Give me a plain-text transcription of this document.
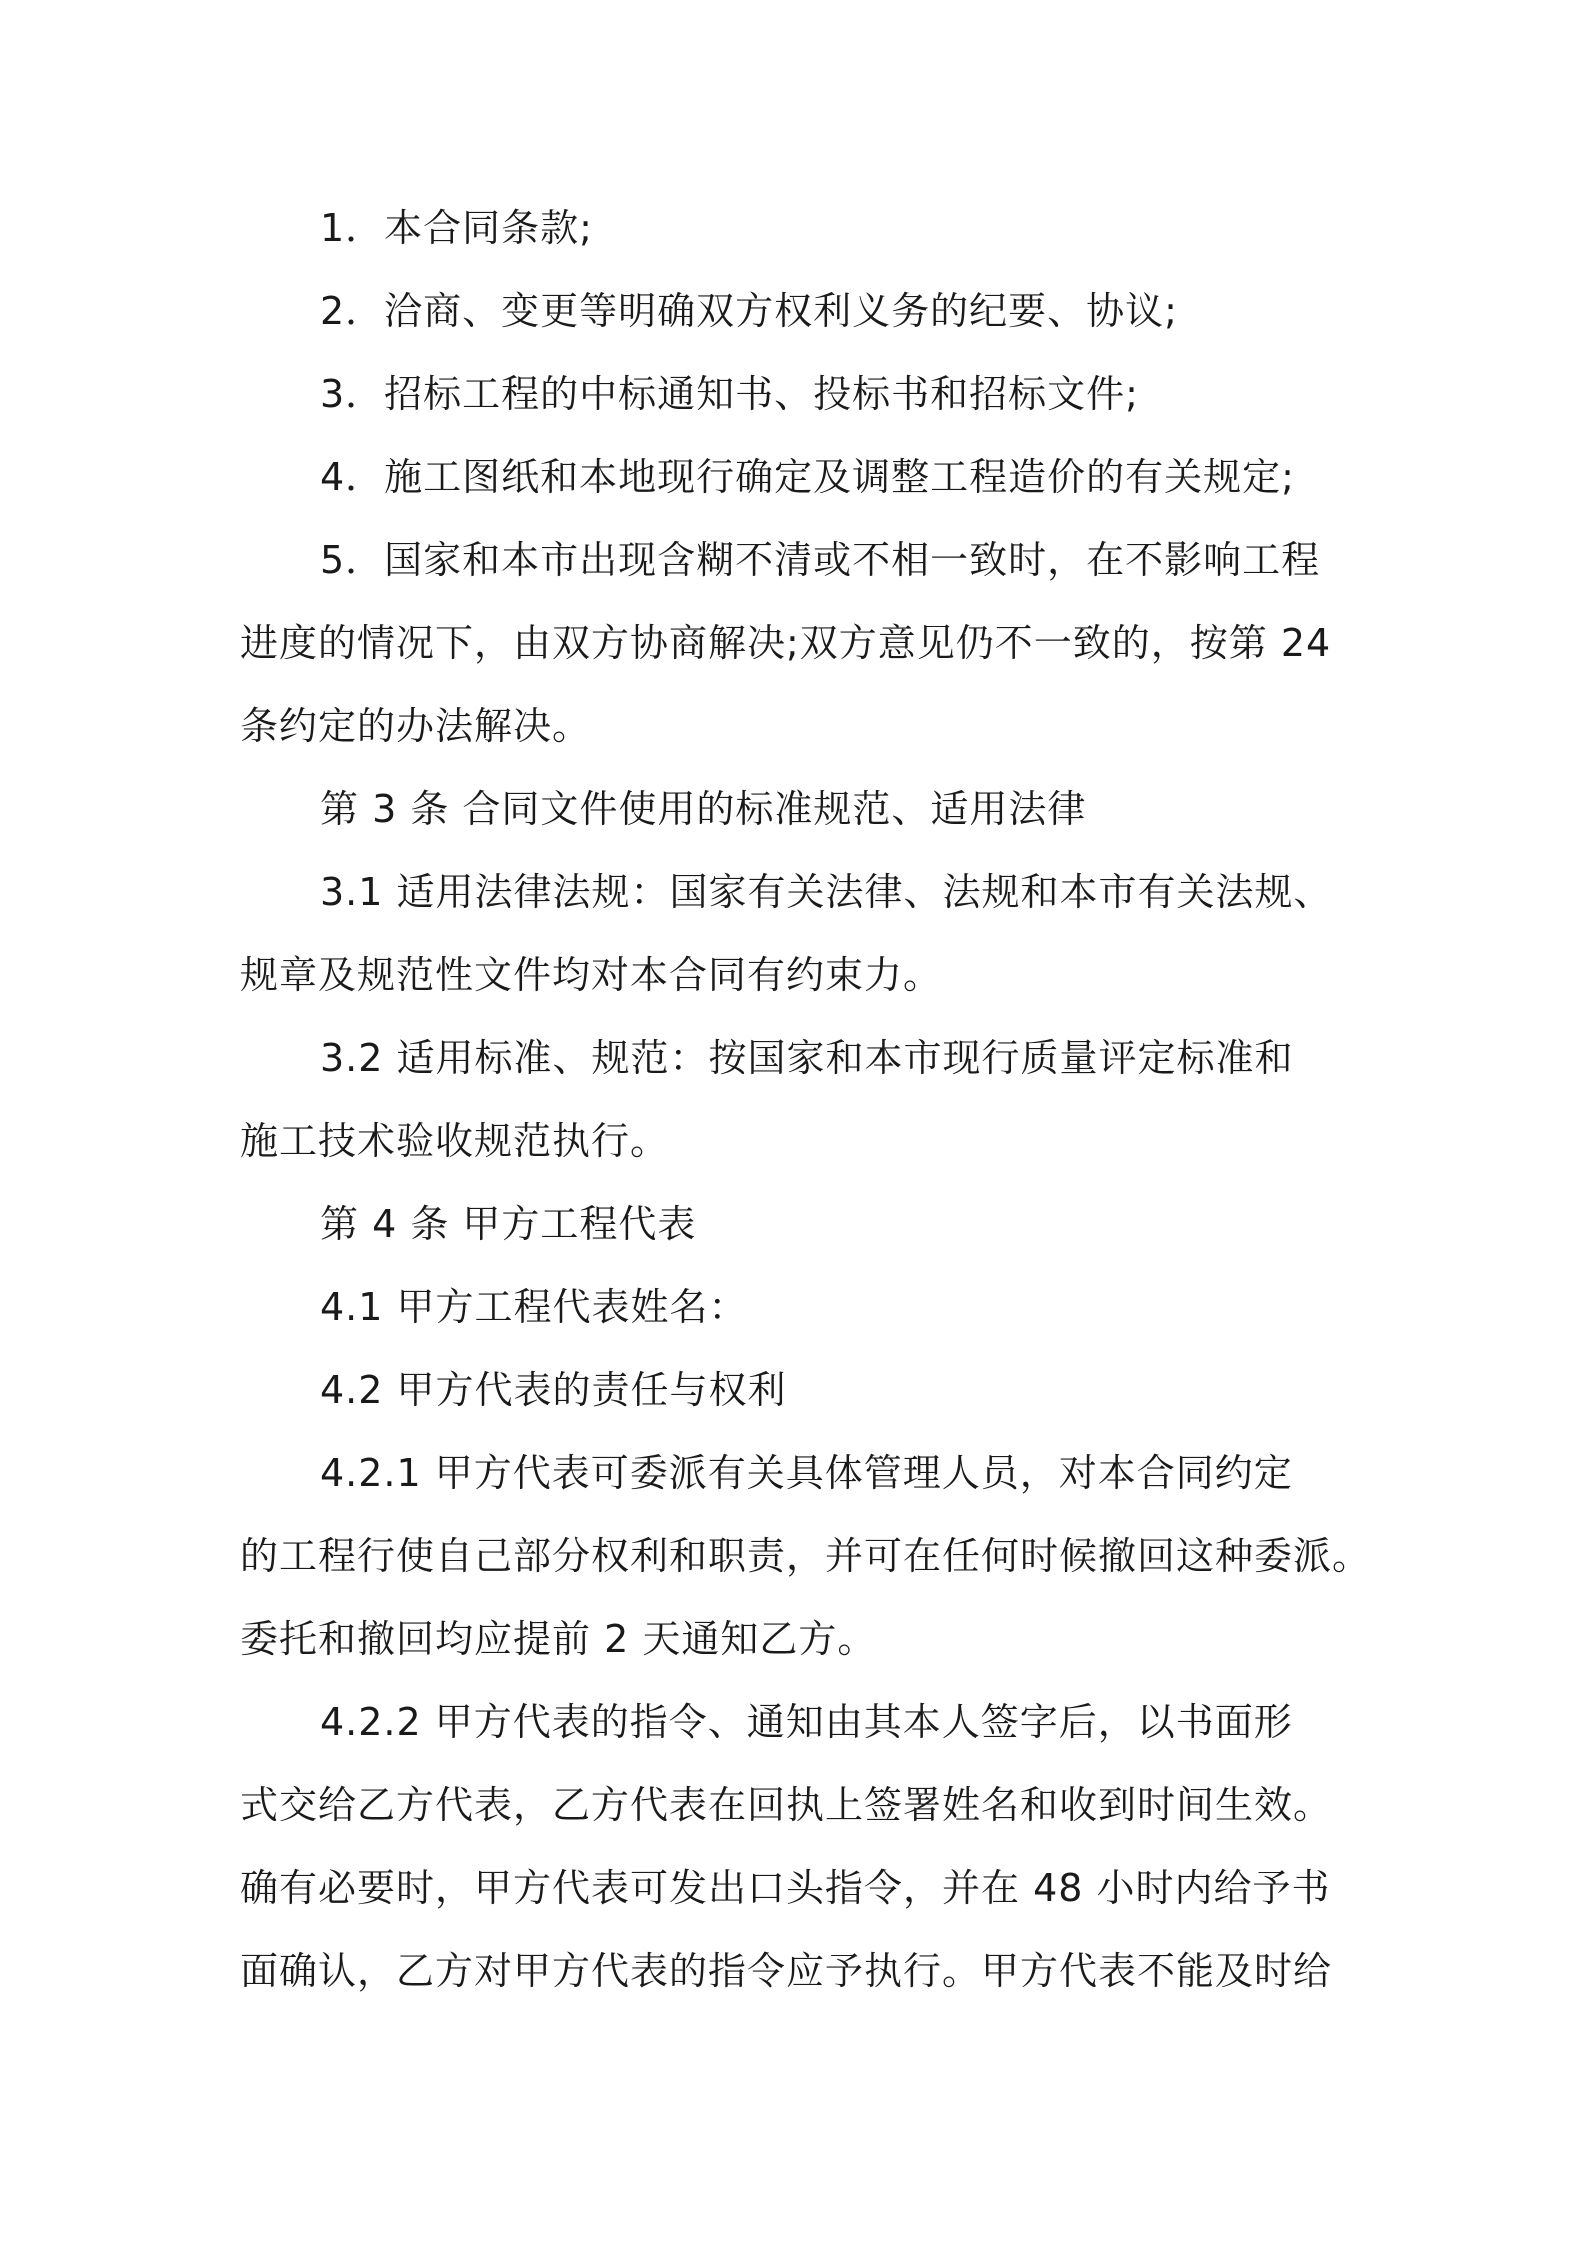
1．本合同条款;
2．洽商、变更等明确双方权利义务的纪要、协议;
3．招标工程的中标通知书、投标书和招标文件;
4．施工图纸和本地现行确定及调整工程造价的有关规定;
5．国家和本市出现含糊不清或不相一致时，在不影响工程
进度的情况下，由双方协商解决;双方意见仍不一致的，按第 24
条约定的办法解决。
第 3 条 合同文件使用的标准规范、适用法律
3.1 适用法律法规：国家有关法律、法规和本市有关法规、
规章及规范性文件均对本合同有约束力。
3.2 适用标准、规范：按国家和本市现行质量评定标准和
施工技术验收规范执行。
第 4 条 甲方工程代表
4.1 甲方工程代表姓名：
4.2 甲方代表的责任与权利
4.2.1 甲方代表可委派有关具体管理人员，对本合同约定
的工程行使自己部分权利和职责，并可在任何时候撤回这种委派。
委托和撤回均应提前 2 天通知乙方。
4.2.2 甲方代表的指令、通知由其本人签字后，以书面形
式交给乙方代表，乙方代表在回执上签署姓名和收到时间生效。
确有必要时，甲方代表可发出口头指令，并在 48 小时内给予书
面确认，乙方对甲方代表的指令应予执行。甲方代表不能及时给
